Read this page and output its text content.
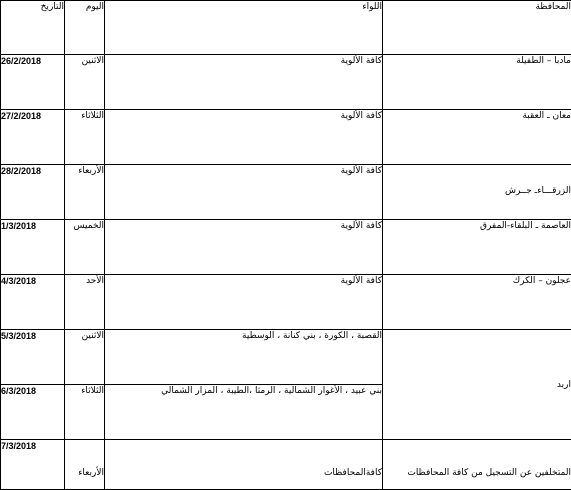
التاريخ	اليوم	اللواء	المحافظة
26/2/2018	الاثنين	كافة الألوية	مادبا – الطفيلة
27/2/2018	الثلاثاء	كافة الألوية	معان ـ العقبة
28/2/2018	الأربعاء	كافة الألوية	الزرقـــاءـ جــرش
1/3/2018	الخميس	كافة الألوية	العاصمة ـ البلقاء-المفرق
4/3/2018	الأحد	كافة الألوية	عجلون – الكرك
5/3/2018	الاثنين	القصبة ، الكورة ، بني كنانة ، الوسطية	اربد
6/3/2018	الثلاثاء	بني عبيد ، الأغوار الشمالية ، الرمثا ،الطيبة ، المزار الشمالي	
7/3/2018	الأربعاء	كافةالمحافظات	المتخلفين عن التسجيل من كافة المحافظات
